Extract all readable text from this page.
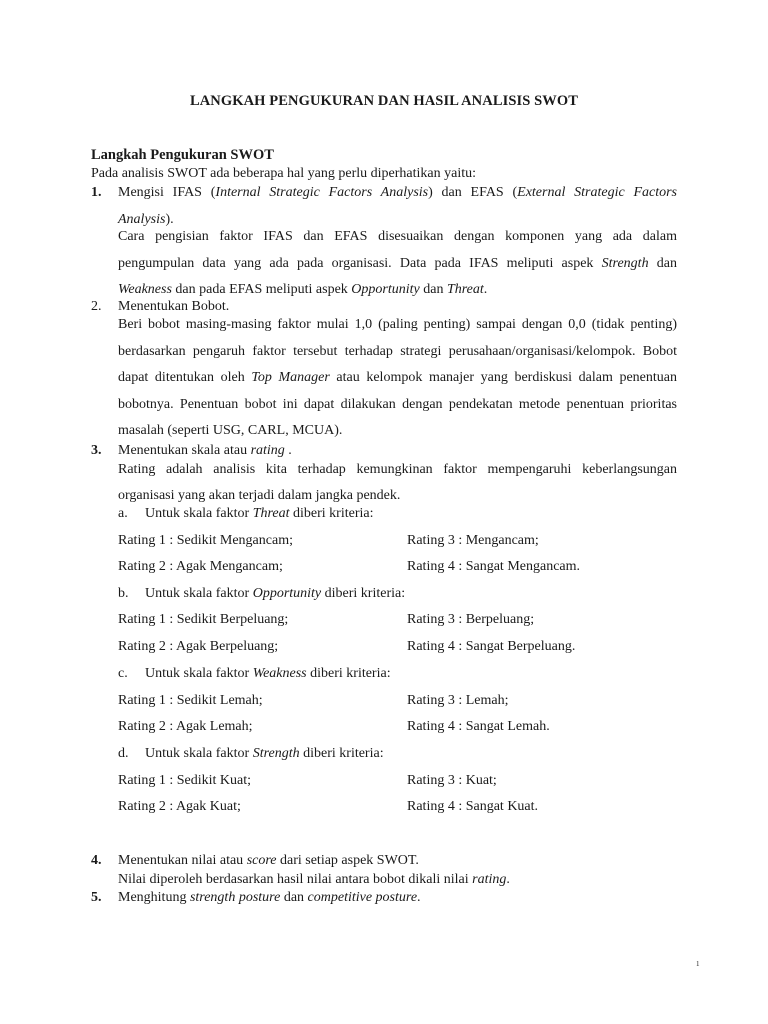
LANGKAH PENGUKURAN DAN HASIL ANALISIS SWOT
Langkah Pengukuran SWOT
Pada analisis SWOT ada beberapa hal yang perlu diperhatikan yaitu:
1. Mengisi IFAS (Internal Strategic Factors Analysis) dan EFAS (External Strategic Factors
Analysis).
Cara pengisian faktor IFAS dan EFAS disesuaikan dengan komponen yang ada dalam pengumpulan data yang ada pada organisasi. Data pada IFAS meliputi aspek Strength dan Weakness dan pada EFAS meliputi aspek Opportunity dan Threat.
2. Menentukan Bobot.
Beri bobot masing-masing faktor mulai 1,0 (paling penting) sampai dengan 0,0 (tidak penting) berdasarkan pengaruh faktor tersebut terhadap strategi perusahaan/organisasi/kelompok. Bobot dapat ditentukan oleh Top Manager atau kelompok manajer yang berdiskusi dalam penentuan bobotnya. Penentuan bobot ini dapat dilakukan dengan pendekatan metode penentuan prioritas masalah (seperti USG, CARL, MCUA).
3. Menentukan skala atau rating .
Rating adalah analisis kita terhadap kemungkinan faktor mempengaruhi keberlangsungan organisasi yang akan terjadi dalam jangka pendek.
a. Untuk skala faktor Threat diberi kriteria:
Rating 1 : Sedikit Mengancam;	Rating 3 : Mengancam;
Rating 2 : Agak Mengancam;	Rating 4 : Sangat Mengancam.
b. Untuk skala faktor Opportunity diberi kriteria:
Rating 1 : Sedikit Berpeluang;	Rating 3 : Berpeluang;
Rating 2 : Agak Berpeluang;	Rating 4 : Sangat Berpeluang.
c. Untuk skala faktor Weakness diberi kriteria:
Rating 1 : Sedikit Lemah;	Rating 3 : Lemah;
Rating 2 : Agak Lemah;	Rating 4 : Sangat Lemah.
d. Untuk skala faktor Strength diberi kriteria:
Rating 1 : Sedikit Kuat;	Rating 3 : Kuat;
Rating 2 : Agak Kuat;	Rating 4 : Sangat Kuat.
4. Menentukan nilai atau score dari setiap aspek SWOT.
Nilai diperoleh berdasarkan hasil nilai antara bobot dikali nilai rating.
5. Menghitung strength posture dan competitive posture.
1
